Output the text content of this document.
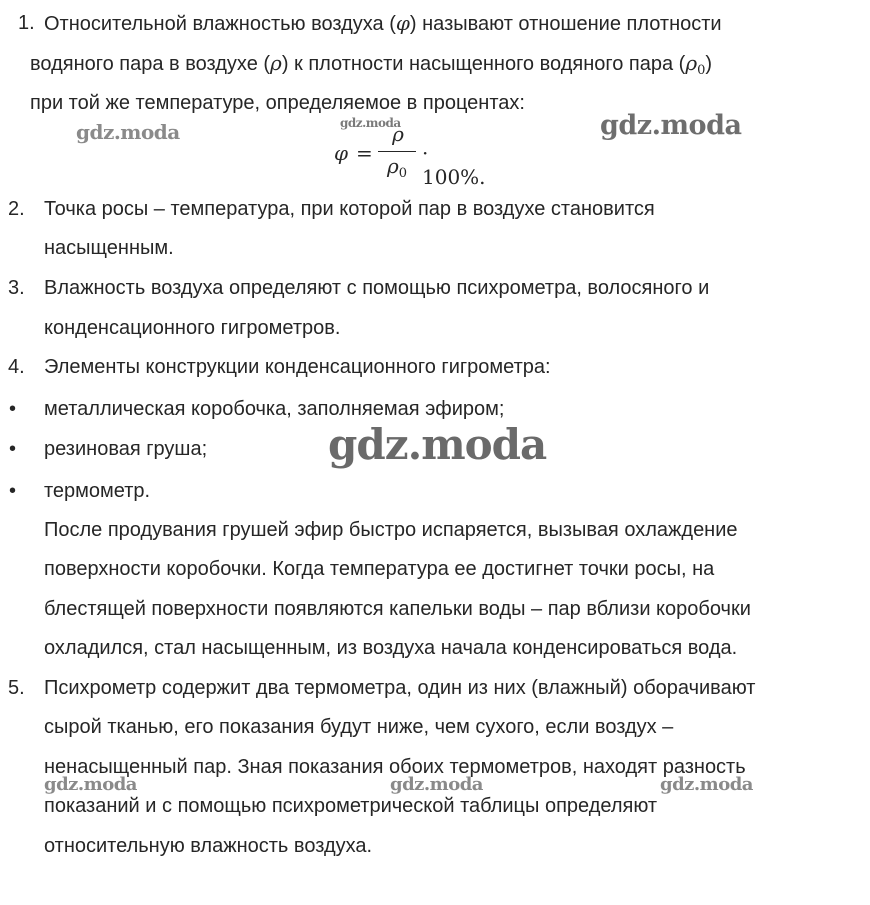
1. Относительной влажностью воздуха (φ) называют отношение плотности
водяного пара в воздухе (ρ) к плотности насыщенного водяного пара $(\rho_0)$
при той же температуре, определяемое в процентах:
φ =
ρ
$\rho_0$
· 100%.
2. Точка росы – температура, при которой пар в воздухе становится
насыщенным.
3. Влажность воздуха определяют с помощью психрометра, волосяного и
конденсационного гигрометров.
4. Элементы конструкции конденсационного гигрометра:
• металлическая коробочка, заполняемая эфиром;
• резиновая груша;
• термометр.
После продувания грушей эфир быстро испаряется, вызывая охлаждение
поверхности коробочки. Когда температура ее достигнет точки росы, на
блестящей поверхности появляются капельки воды – пар вблизи коробочки
охладился, стал насыщенным, из воздуха начала конденсироваться вода.
5. Психрометр содержит два термометра, один из них (влажный) оборачивают
сырой тканью, его показания будут ниже, чем сухого, если воздух –
ненасыщенный пар. Зная показания обоих термометров, находят разность
показаний и с помощью психрометрической таблицы определяют
относительную влажность воздуха.
gdz.moda	gdz.moda	gdz.moda
gdz.moda
gdz.moda	gdz.moda	gdz.moda
